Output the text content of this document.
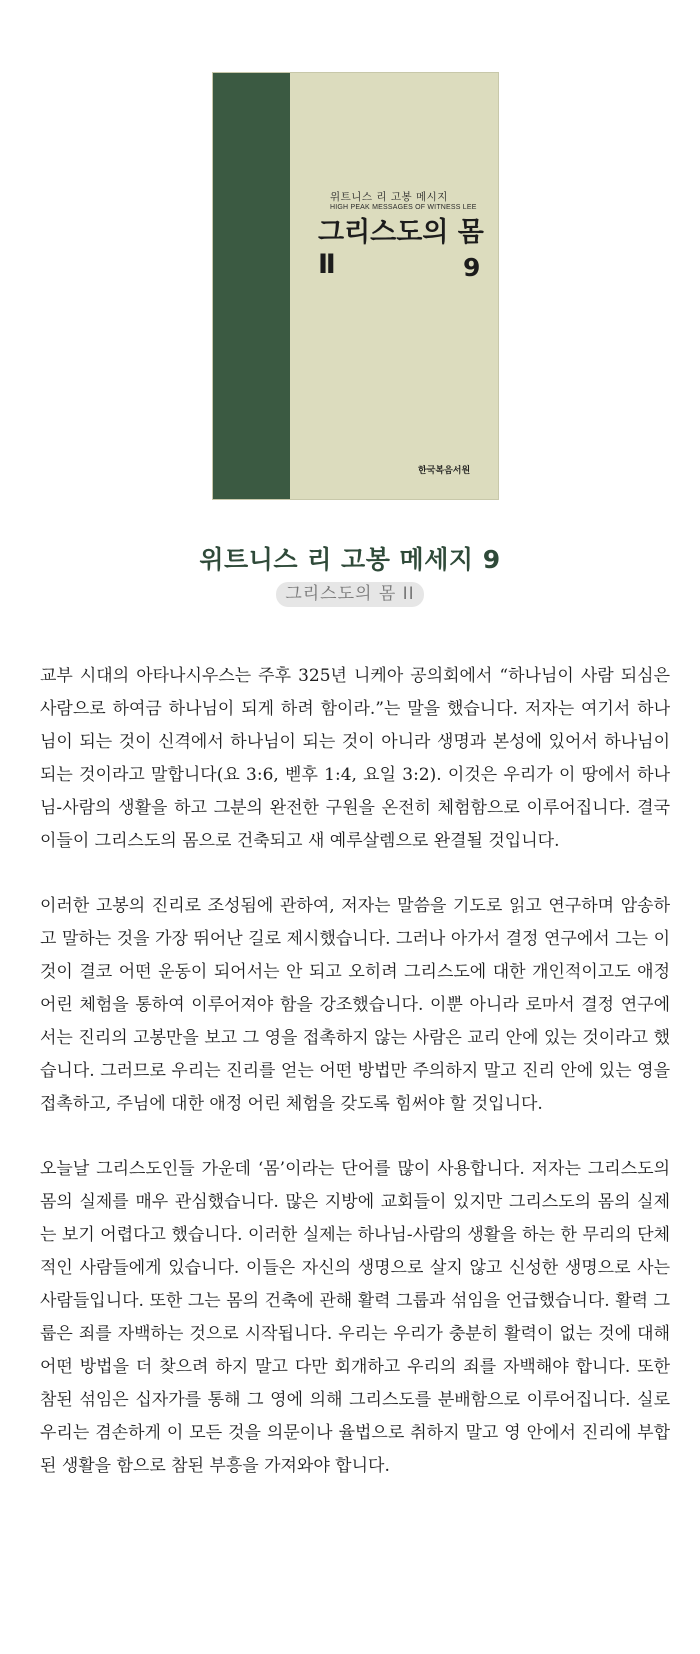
위트니스 리 고봉 메시지
HIGH PEAK MESSAGES OF WITNESS LEE
그리스도의 몸 Ⅱ	9
한국복음서원
위트니스 리 고봉 메세지 9
그리스도의 몸 II

교부 시대의 아타나시우스는 주후 325년 니케아 공의회에서 “하나님이 사람 되심은 사람으로 하여금 하나님이 되게 하려 함이라.”는 말을 했습니다. 저자는 여기서 하나님이 되는 것이 신격에서 하나님이 되는 것이 아니라 생명과 본성에 있어서 하나님이 되는 것이라고 말합니다(요 3:6, 벧후 1:4, 요일 3:2). 이것은 우리가 이 땅에서 하나님-사람의 생활을 하고 그분의 완전한 구원을 온전히 체험함으로 이루어집니다. 결국 이들이 그리스도의 몸으로 건축되고 새 예루살렘으로 완결될 것입니다.

이러한 고봉의 진리로 조성됨에 관하여, 저자는 말씀을 기도로 읽고 연구하며 암송하고 말하는 것을 가장 뛰어난 길로 제시했습니다. 그러나 아가서 결정 연구에서 그는 이것이 결코 어떤 운동이 되어서는 안 되고 오히려 그리스도에 대한 개인적이고도 애정 어린 체험을 통하여 이루어져야 함을 강조했습니다. 이뿐 아니라 로마서 결정 연구에서는 진리의 고봉만을 보고 그 영을 접촉하지 않는 사람은 교리 안에 있는 것이라고 했습니다. 그러므로 우리는 진리를 얻는 어떤 방법만 주의하지 말고 진리 안에 있는 영을 접촉하고, 주님에 대한 애정 어린 체험을 갖도록 힘써야 할 것입니다.

오늘날 그리스도인들 가운데 ‘몸’이라는 단어를 많이 사용합니다. 저자는 그리스도의 몸의 실제를 매우 관심했습니다. 많은 지방에 교회들이 있지만 그리스도의 몸의 실제는 보기 어렵다고 했습니다. 이러한 실제는 하나님-사람의 생활을 하는 한 무리의 단체적인 사람들에게 있습니다. 이들은 자신의 생명으로 살지 않고 신성한 생명으로 사는 사람들입니다. 또한 그는 몸의 건축에 관해 활력 그룹과 섞임을 언급했습니다. 활력 그룹은 죄를 자백하는 것으로 시작됩니다. 우리는 우리가 충분히 활력이 없는 것에 대해 어떤 방법을 더 찾으려 하지 말고 다만 회개하고 우리의 죄를 자백해야 합니다. 또한 참된 섞임은 십자가를 통해 그 영에 의해 그리스도를 분배함으로 이루어집니다. 실로 우리는 겸손하게 이 모든 것을 의문이나 율법으로 취하지 말고 영 안에서 진리에 부합된 생활을 함으로 참된 부흥을 가져와야 합니다.
